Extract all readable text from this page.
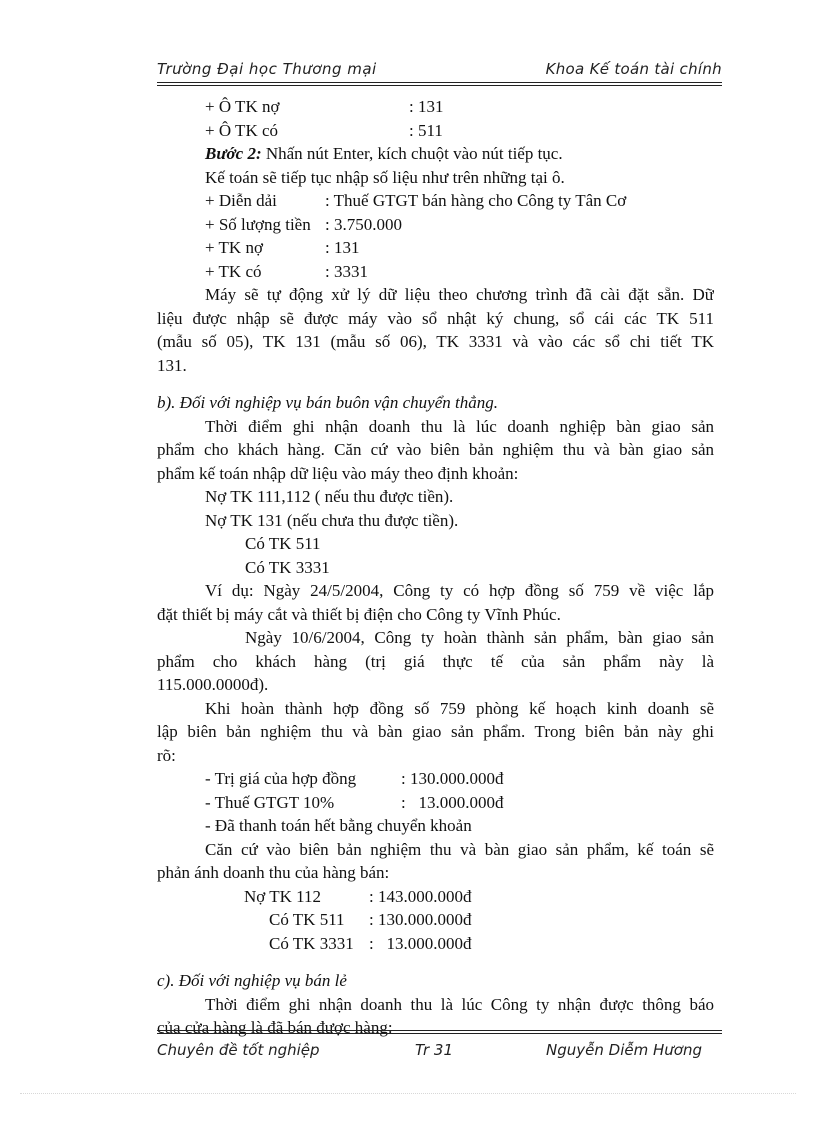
Trường Đại học Thương mại	Khoa Kế toán tài chính
+ Ô TK nợ	: 131
+ Ô TK có	: 511
Bước 2: Nhấn nút Enter, kích chuột vào nút tiếp tục.
Kế toán sẽ tiếp tục nhập số liệu như trên những tại ô.
+ Diễn dải	: Thuế GTGT bán hàng cho Công ty Tân Cơ
+ Số lượng tiền : 3.750.000
+ TK nợ	: 131
+ TK có	: 3331
Máy sẽ tự động xử lý dữ liệu theo chương trình đã cài đặt sẵn. Dữ
liệu được nhập sẽ được máy vào sổ nhật ký chung, sổ cái các TK 511
(mẫu số 05), TK 131 (mẫu số 06), TK 3331 và vào các sổ chi tiết TK
131.
b). Đối với nghiệp vụ bán buôn vận chuyển thẳng.
Thời điểm ghi nhận doanh thu là lúc doanh nghiệp bàn giao sản
phẩm cho khách hàng. Căn cứ vào biên bản nghiệm thu và bàn giao sản
phẩm kế toán nhập dữ liệu vào máy theo định khoản:
Nợ TK 111,112 ( nếu thu được tiền).
Nợ TK 131 (nếu chưa thu được tiền).
Có TK 511
Có TK 3331
Ví dụ: Ngày 24/5/2004, Công ty có hợp đồng số 759 về việc lắp
đặt thiết bị máy cắt và thiết bị điện cho Công ty Vĩnh Phúc.
Ngày 10/6/2004, Công ty hoàn thành sản phẩm, bàn giao sản
phẩm cho khách hàng (trị giá thực tế của sản phẩm này là
115.000.0000đ).
Khi hoàn thành hợp đồng số 759 phòng kế hoạch kinh doanh sẽ
lập biên bản nghiệm thu và bàn giao sản phẩm. Trong biên bản này ghi
rõ:
- Trị giá của hợp đồng	: 130.000.000đ
- Thuế GTGT 10%	:   13.000.000đ
- Đã thanh toán hết bằng chuyển khoản
Căn cứ vào biên bản nghiệm thu và bàn giao sản phẩm, kế toán sẽ
phản ánh doanh thu của hàng bán:
Nợ TK 112	: 143.000.000đ
Có TK 511 : 130.000.000đ
Có TK 3331 :   13.000.000đ
c). Đối với nghiệp vụ bán lẻ
Thời điểm ghi nhận doanh thu là lúc Công ty nhận được thông báo
của cửa hàng là đã bán được hàng:
Chuyên đề tốt nghiệp	Tr 31	Nguyễn Diễm Hương
